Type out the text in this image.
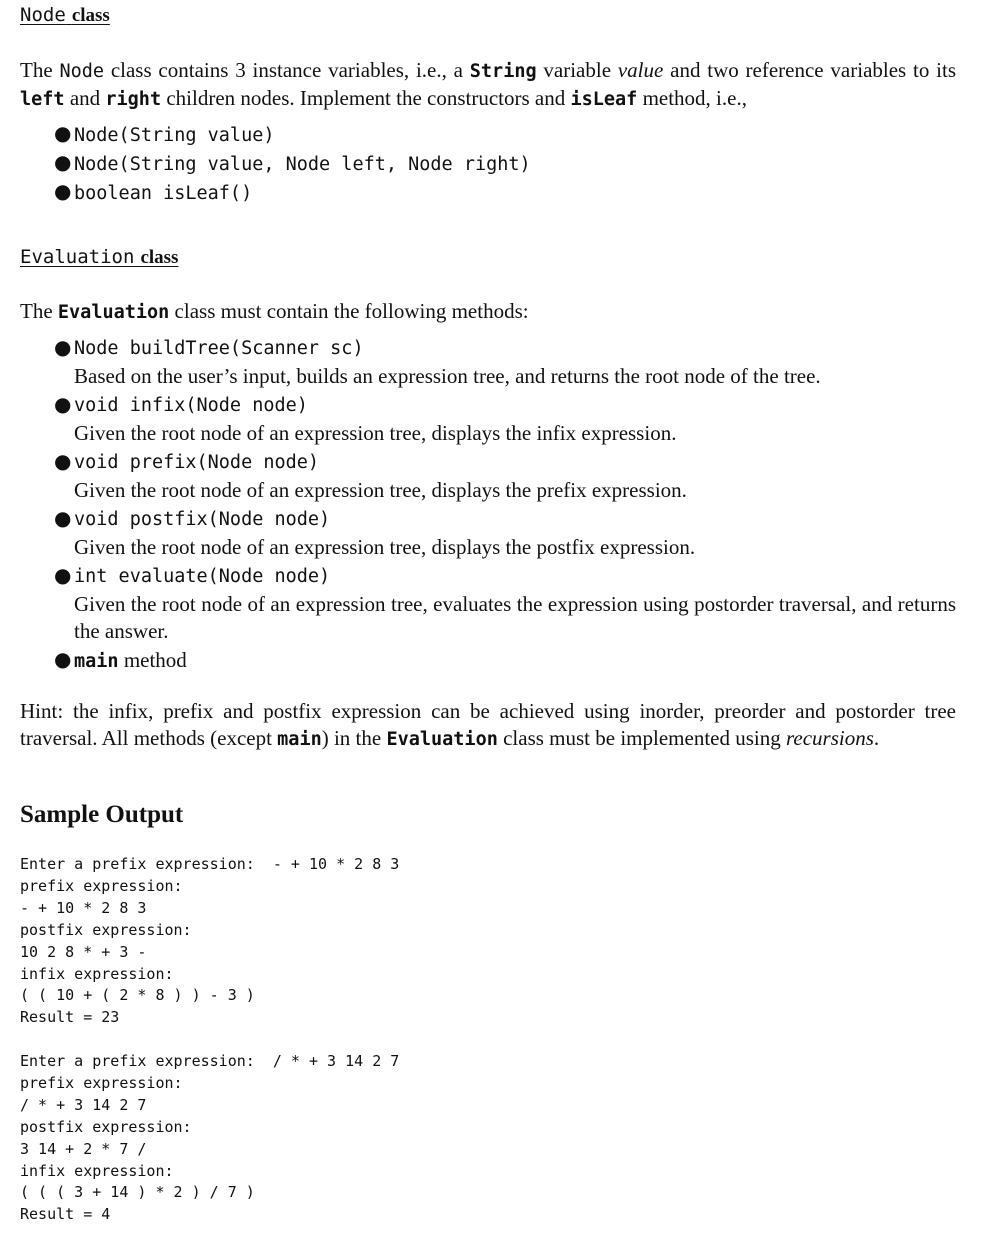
Node class
The Node class contains 3 instance variables, i.e., a String variable value and two reference variables to its left and right children nodes. Implement the constructors and isLeaf method, i.e.,
● Node(String value)
● Node(String value, Node left, Node right)
● boolean isLeaf()
Evaluation class
The Evaluation class must contain the following methods:
● Node buildTree(Scanner sc)
Based on the user’s input, builds an expression tree, and returns the root node of the tree.
● void infix(Node node)
Given the root node of an expression tree, displays the infix expression.
● void prefix(Node node)
Given the root node of an expression tree, displays the prefix expression.
● void postfix(Node node)
Given the root node of an expression tree, displays the postfix expression.
● int evaluate(Node node)
Given the root node of an expression tree, evaluates the expression using postorder traversal, and returns the answer.
● main method
Hint: the infix, prefix and postfix expression can be achieved using inorder, preorder and postorder tree traversal. All methods (except main) in the Evaluation class must be implemented using recursions.
Sample Output
Enter a prefix expression:  - + 10 * 2 8 3
prefix expression:
- + 10 * 2 8 3
postfix expression:
10 2 8 * + 3 -
infix expression:
( ( 10 + ( 2 * 8 ) ) - 3 )
Result = 23
Enter a prefix expression:  / * + 3 14 2 7
prefix expression:
/ * + 3 14 2 7
postfix expression:
3 14 + 2 * 7 /
infix expression:
( ( ( 3 + 14 ) * 2 ) / 7 )
Result = 4
